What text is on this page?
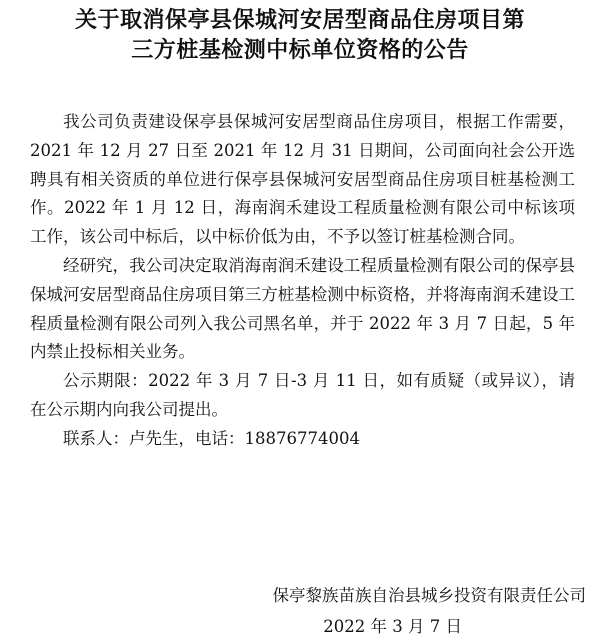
关于取消保亭县保城河安居型商品住房项目第
三方桩基检测中标单位资格的公告

我公司负责建设保亭县保城河安居型商品住房项目，根据工作需要，2021 年 12 月 27 日至 2021 年 12 月 31 日期间，公司面向社会公开选聘具有相关资质的单位进行保亭县保城河安居型商品住房项目桩基检测工作。2022 年 1 月 12 日，海南润禾建设工程质量检测有限公司中标该项工作，该公司中标后，以中标价低为由，不予以签订桩基检测合同。

经研究，我公司决定取消海南润禾建设工程质量检测有限公司的保亭县保城河安居型商品住房项目第三方桩基检测中标资格，并将海南润禾建设工程质量检测有限公司列入我公司黑名单，并于 2022 年 3 月 7 日起，5 年内禁止投标相关业务。

公示期限：2022 年 3 月 7 日-3 月 11 日，如有质疑（或异议），请在公示期内向我公司提出。

联系人：卢先生，电话：18876774004

保亭黎族苗族自治县城乡投资有限责任公司
2022 年 3 月 7 日
